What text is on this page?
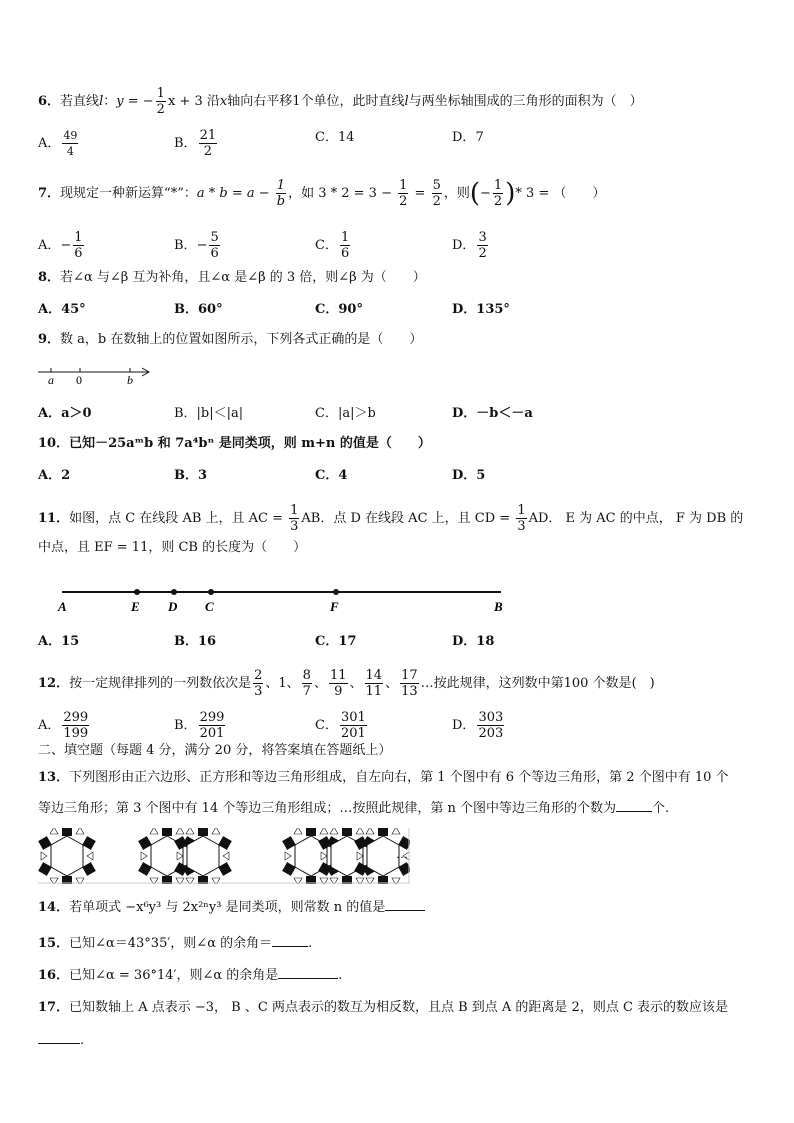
6．若直线l：y = − $\frac{1}{2}$ x + 3 沿x轴向右平移1个单位，此时直线l与两坐标轴围成的三角形的面积为（　）
A． $\frac{49}{4}$	B． $\frac{21}{2}$	C．14	D．7
7．现规定一种新运算“*”：$a * b = a - \frac{1}{b}$ ，如 $3 * 2 = 3 - \frac{1}{2} = \frac{5}{2}$ ，则(− $\frac{1}{2}$ )* 3 = （　　）
A．− $\frac{1}{6}$	B．− $\frac{5}{6}$	C． $\frac{1}{6}$	D． $\frac{3}{2}$
8．若∠α 与∠β 互为补角，且∠α 是∠β 的 3 倍，则∠β 为（　　）
A．45°	B．60°	C．90°	D．135°
9．数 a，b 在数轴上的位置如图所示，下列各式正确的是（　　）
a 0	b
A．a＞0	B．|b|＜|a|	C．|a|＞b	D．－b＜－a
10．已知－25aᵐb 和 7a⁴bⁿ 是同类项，则 m+n 的值是（　　）
A．2	B．3	C．4	D．5
11．如图，点 C 在线段 AB 上，且 AC = $\frac{1}{3}$ AB．点 D 在线段 AC 上，且 CD = $\frac{1}{3}$ AD． E 为 AC 的中点， F 为 DB 的
中点，且 EF = 11，则 CB 的长度为（　　）
A	E D C	F	B
A．15	B．16	C．17	D．18
12．按一定规律排列的一列数依次是 $\frac{2}{3}$ 、1、 $\frac{8}{7}$ 、 $\frac{11}{9}$ 、 $\frac{14}{11}$ 、 $\frac{17}{13}$ …按此规律，这列数中第100 个数是(　)
A． $\frac{299}{199}$	B． $\frac{299}{201}$	C． $\frac{301}{201}$	D． $\frac{303}{203}$
二、填空题（每题 4 分，满分 20 分，将答案填在答题纸上）
13．下列图形由正六边形、正方形和等边三角形组成，自左向右，第 1 个图中有 6 个等边三角形，第 2 个图中有 10 个
等边三角形；第 3 个图中有 14 个等边三角形组成；…按照此规律，第 n 个图中等边三角形的个数为	个.
…
14．若单项式 −x⁶y³ 与 2x²ⁿy³ 是同类项，则常数 n 的值是
15．已知∠α＝43°35′，则∠α 的余角＝	.
16．已知∠α = 36°14′，则∠α 的余角是	.
17．已知数轴上 A 点表示 −3， B 、C 两点表示的数互为相反数，且点 B 到点 A 的距离是 2，则点 C 表示的数应该是
.
